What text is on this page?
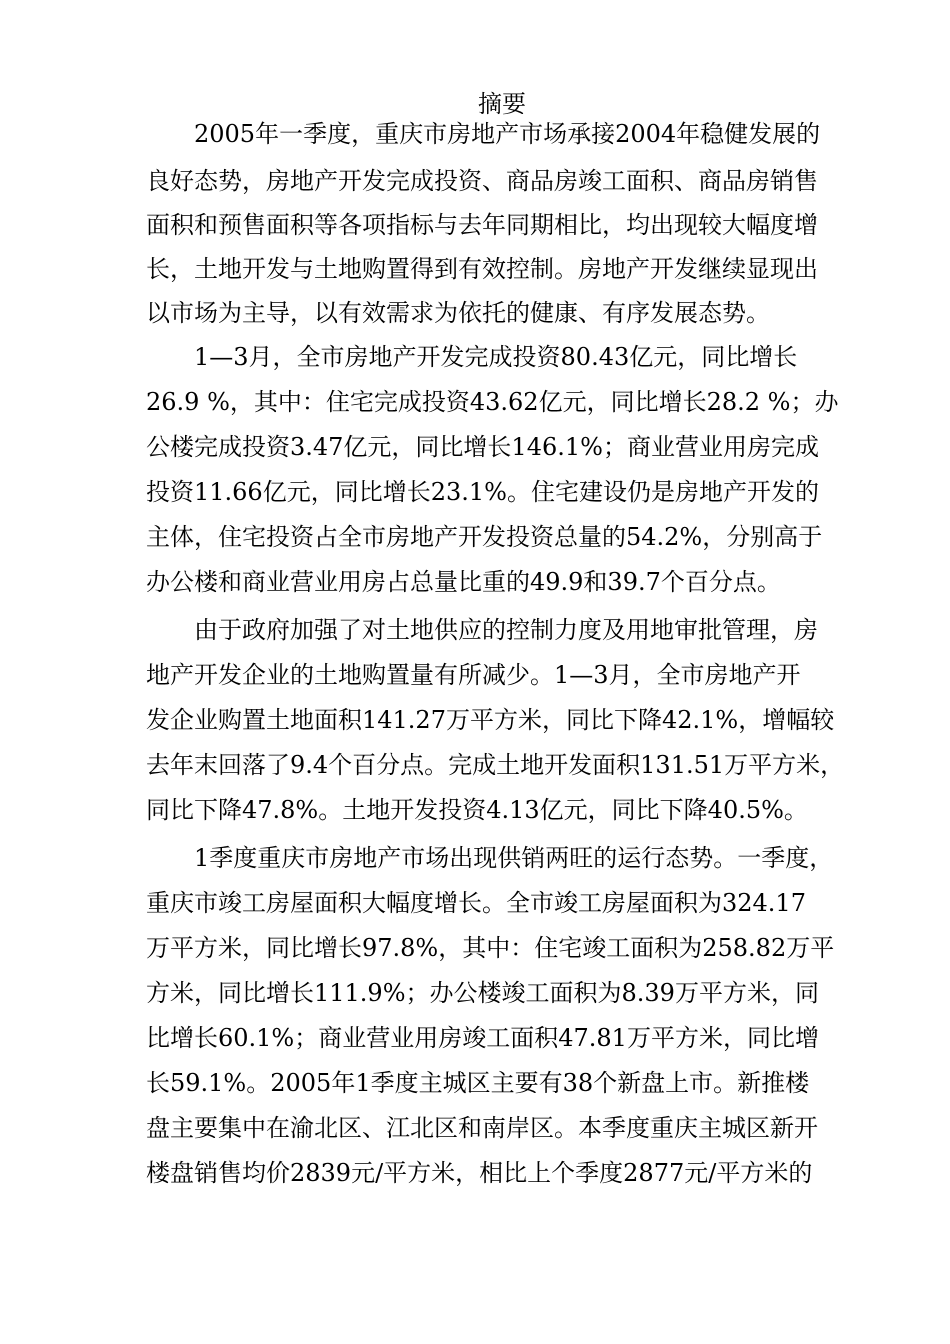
摘要
2005年一季度，重庆市房地产市场承接2004年稳健发展的
良好态势，房地产开发完成投资、商品房竣工面积、商品房销售
面积和预售面积等各项指标与去年同期相比，均出现较大幅度增
长，土地开发与土地购置得到有效控制。房地产开发继续显现出
以市场为主导，以有效需求为依托的健康、有序发展态势。
1—3月，全市房地产开发完成投资80.43亿元，同比增长
26.9 %，其中：住宅完成投资43.62亿元，同比增长28.2 %；办
公楼完成投资3.47亿元，同比增长146.1%；商业营业用房完成
投资11.66亿元，同比增长23.1%。住宅建设仍是房地产开发的
主体，住宅投资占全市房地产开发投资总量的54.2%，分别高于
办公楼和商业营业用房占总量比重的49.9和39.7个百分点。
由于政府加强了对土地供应的控制力度及用地审批管理，房
地产开发企业的土地购置量有所减少。1—3月，全市房地产开
发企业购置土地面积141.27万平方米，同比下降42.1%，增幅较
去年末回落了9.4个百分点。完成土地开发面积131.51万平方米，
同比下降47.8%。土地开发投资4.13亿元，同比下降40.5%。
1季度重庆市房地产市场出现供销两旺的运行态势。一季度，
重庆市竣工房屋面积大幅度增长。全市竣工房屋面积为324.17
万平方米，同比增长97.8%，其中：住宅竣工面积为258.82万平
方米，同比增长111.9%；办公楼竣工面积为8.39万平方米，同
比增长60.1%；商业营业用房竣工面积47.81万平方米，同比增
长59.1%。2005年1季度主城区主要有38个新盘上市。新推楼
盘主要集中在渝北区、江北区和南岸区。本季度重庆主城区新开
楼盘销售均价2839元/平方米，相比上个季度2877元/平方米的
